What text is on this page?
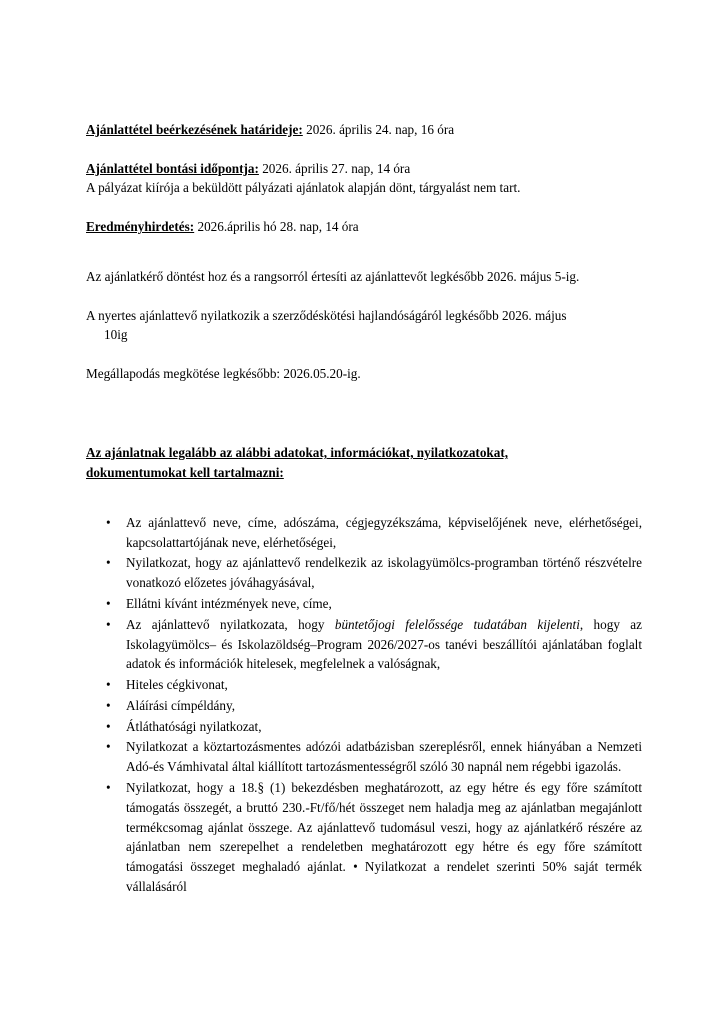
Ajánlattétel beérkezésének határideje: 2026. április 24. nap, 16 óra

Ajánlattétel bontási időpontja: 2026. április 27. nap, 14 óra

A pályázat kiírója a beküldött pályázati ajánlatok alapján dönt, tárgyalást nem tart.

Eredményhirdetés: 2026.április hó 28. nap, 14 óra

Az ajánlatkérő döntést hoz és a rangsorról értesíti az ajánlattevőt legkésőbb 2026. május 5-ig.

A nyertes ajánlattevő nyilatkozik a szerződéskötési hajlandóságáról legkésőbb 2026. május

10ig

Megállapodás megkötése legkésőbb: 2026.05.20-ig.

Az ajánlatnak legalább az alábbi adatokat, információkat, nyilatkozatokat,
dokumentumokat kell tartalmazni:
• Az ajánlattevő neve, címe, adószáma, cégjegyzékszáma, képviselőjének neve, elérhetőségei, kapcsolattartójának neve, elérhetőségei,
• Nyilatkozat, hogy az ajánlattevő rendelkezik az iskolagyümölcs-programban történő részvételre vonatkozó előzetes jóváhagyásával,
• Ellátni kívánt intézmények neve, címe,
• Az ajánlattevő nyilatkozata, hogy büntetőjogi felelőssége tudatában kijelenti, hogy az Iskolagyümölcs– és Iskolazöldség–Program 2026/2027-os tanévi beszállítói ajánlatában foglalt adatok és információk hitelesek, megfelelnek a valóságnak,
• Hiteles cégkivonat,
• Aláírási címpéldány,
• Átláthatósági nyilatkozat,
• Nyilatkozat a köztartozásmentes adózói adatbázisban szereplésről, ennek hiányában a Nemzeti Adó-és Vámhivatal által kiállított tartozásmentességről szóló 30 napnál nem régebbi igazolás.
• Nyilatkozat, hogy a 18.§ (1) bekezdésben meghatározott, az egy hétre és egy főre számított támogatás összegét, a bruttó 230.-Ft/fő/hét összeget nem haladja meg az ajánlatban megajánlott termékcsomag ajánlat összege. Az ajánlattevő tudomásul veszi, hogy az ajánlatkérő részére az ajánlatban nem szerepelhet a rendeletben meghatározott egy hétre és egy főre számított támogatási összeget meghaladó ajánlat. • Nyilatkozat a rendelet szerinti 50% saját termék vállalásáról
